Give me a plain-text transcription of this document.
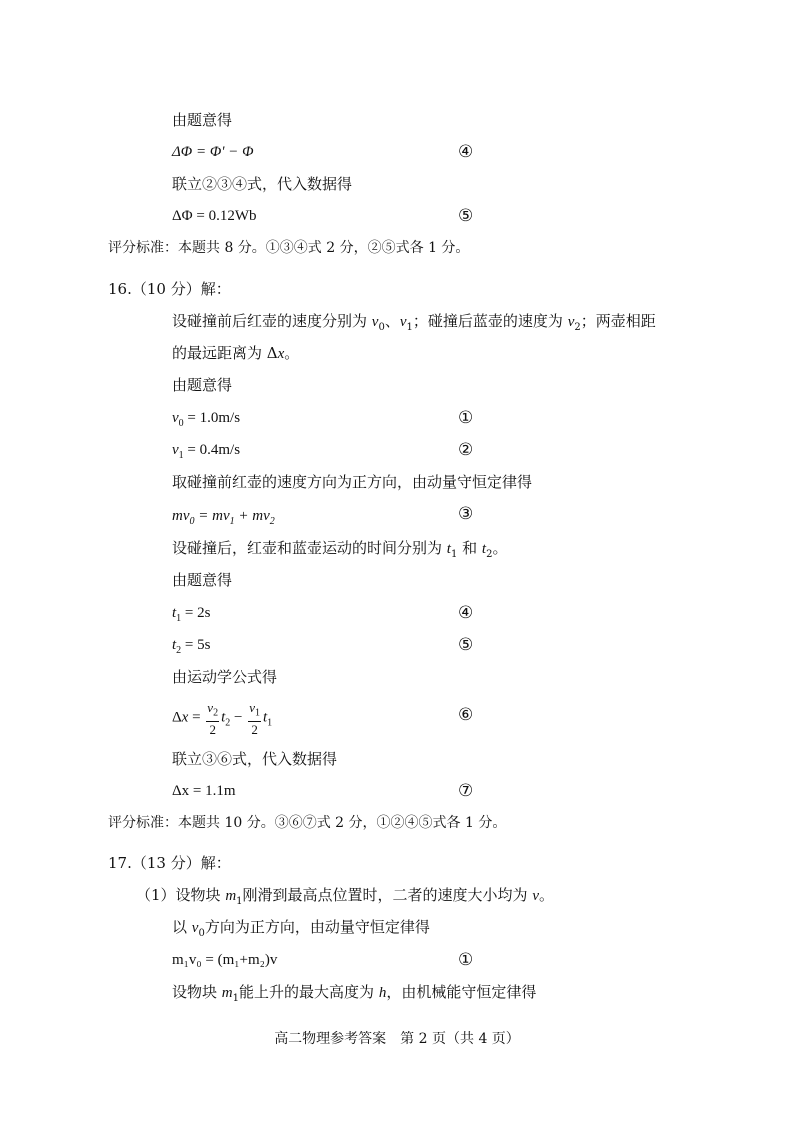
由题意得
ΔΦ = Φ' − Φ	④
联立②③④式，代入数据得
ΔΦ = 0.12Wb	⑤
评分标准：本题共 8 分。①③④式 2 分，②⑤式各 1 分。
16.（10 分）解：
设碰撞前后红壶的速度分别为 $v_0$、$v_1$；碰撞后蓝壶的速度为 $v_2$；两壶相距
的最远距离为 Δx。
由题意得
$v_0 = 1.0m/s$	①
$v_1 = 0.4m/s$	②
取碰撞前红壶的速度方向为正方向，由动量守恒定律得
$mv_0 = mv_1 + mv_2$	③
设碰撞后，红壶和蓝壶运动的时间分别为 $t_1$ 和 $t_2$。
由题意得
$t_1 = 2s$	④
$t_2 = 5s$	⑤
由运动学公式得
$\Delta x = \frac{v_2}{2} t_2 - \frac{v_1}{2} t_1$	⑥
联立③⑥式，代入数据得
Δx = 1.1m	⑦
评分标准：本题共 10 分。③⑥⑦式 2 分，①②④⑤式各 1 分。
17.（13 分）解：
（1）设物块 $m_1$刚滑到最高点位置时，二者的速度大小均为 v。
以 $v_0$方向为正方向，由动量守恒定律得
m₁v₀ = (m₁+m₂)v	①
设物块 $m_1$能上升的最大高度为 h，由机械能守恒定律得
高二物理参考答案　第 2 页（共 4 页）
